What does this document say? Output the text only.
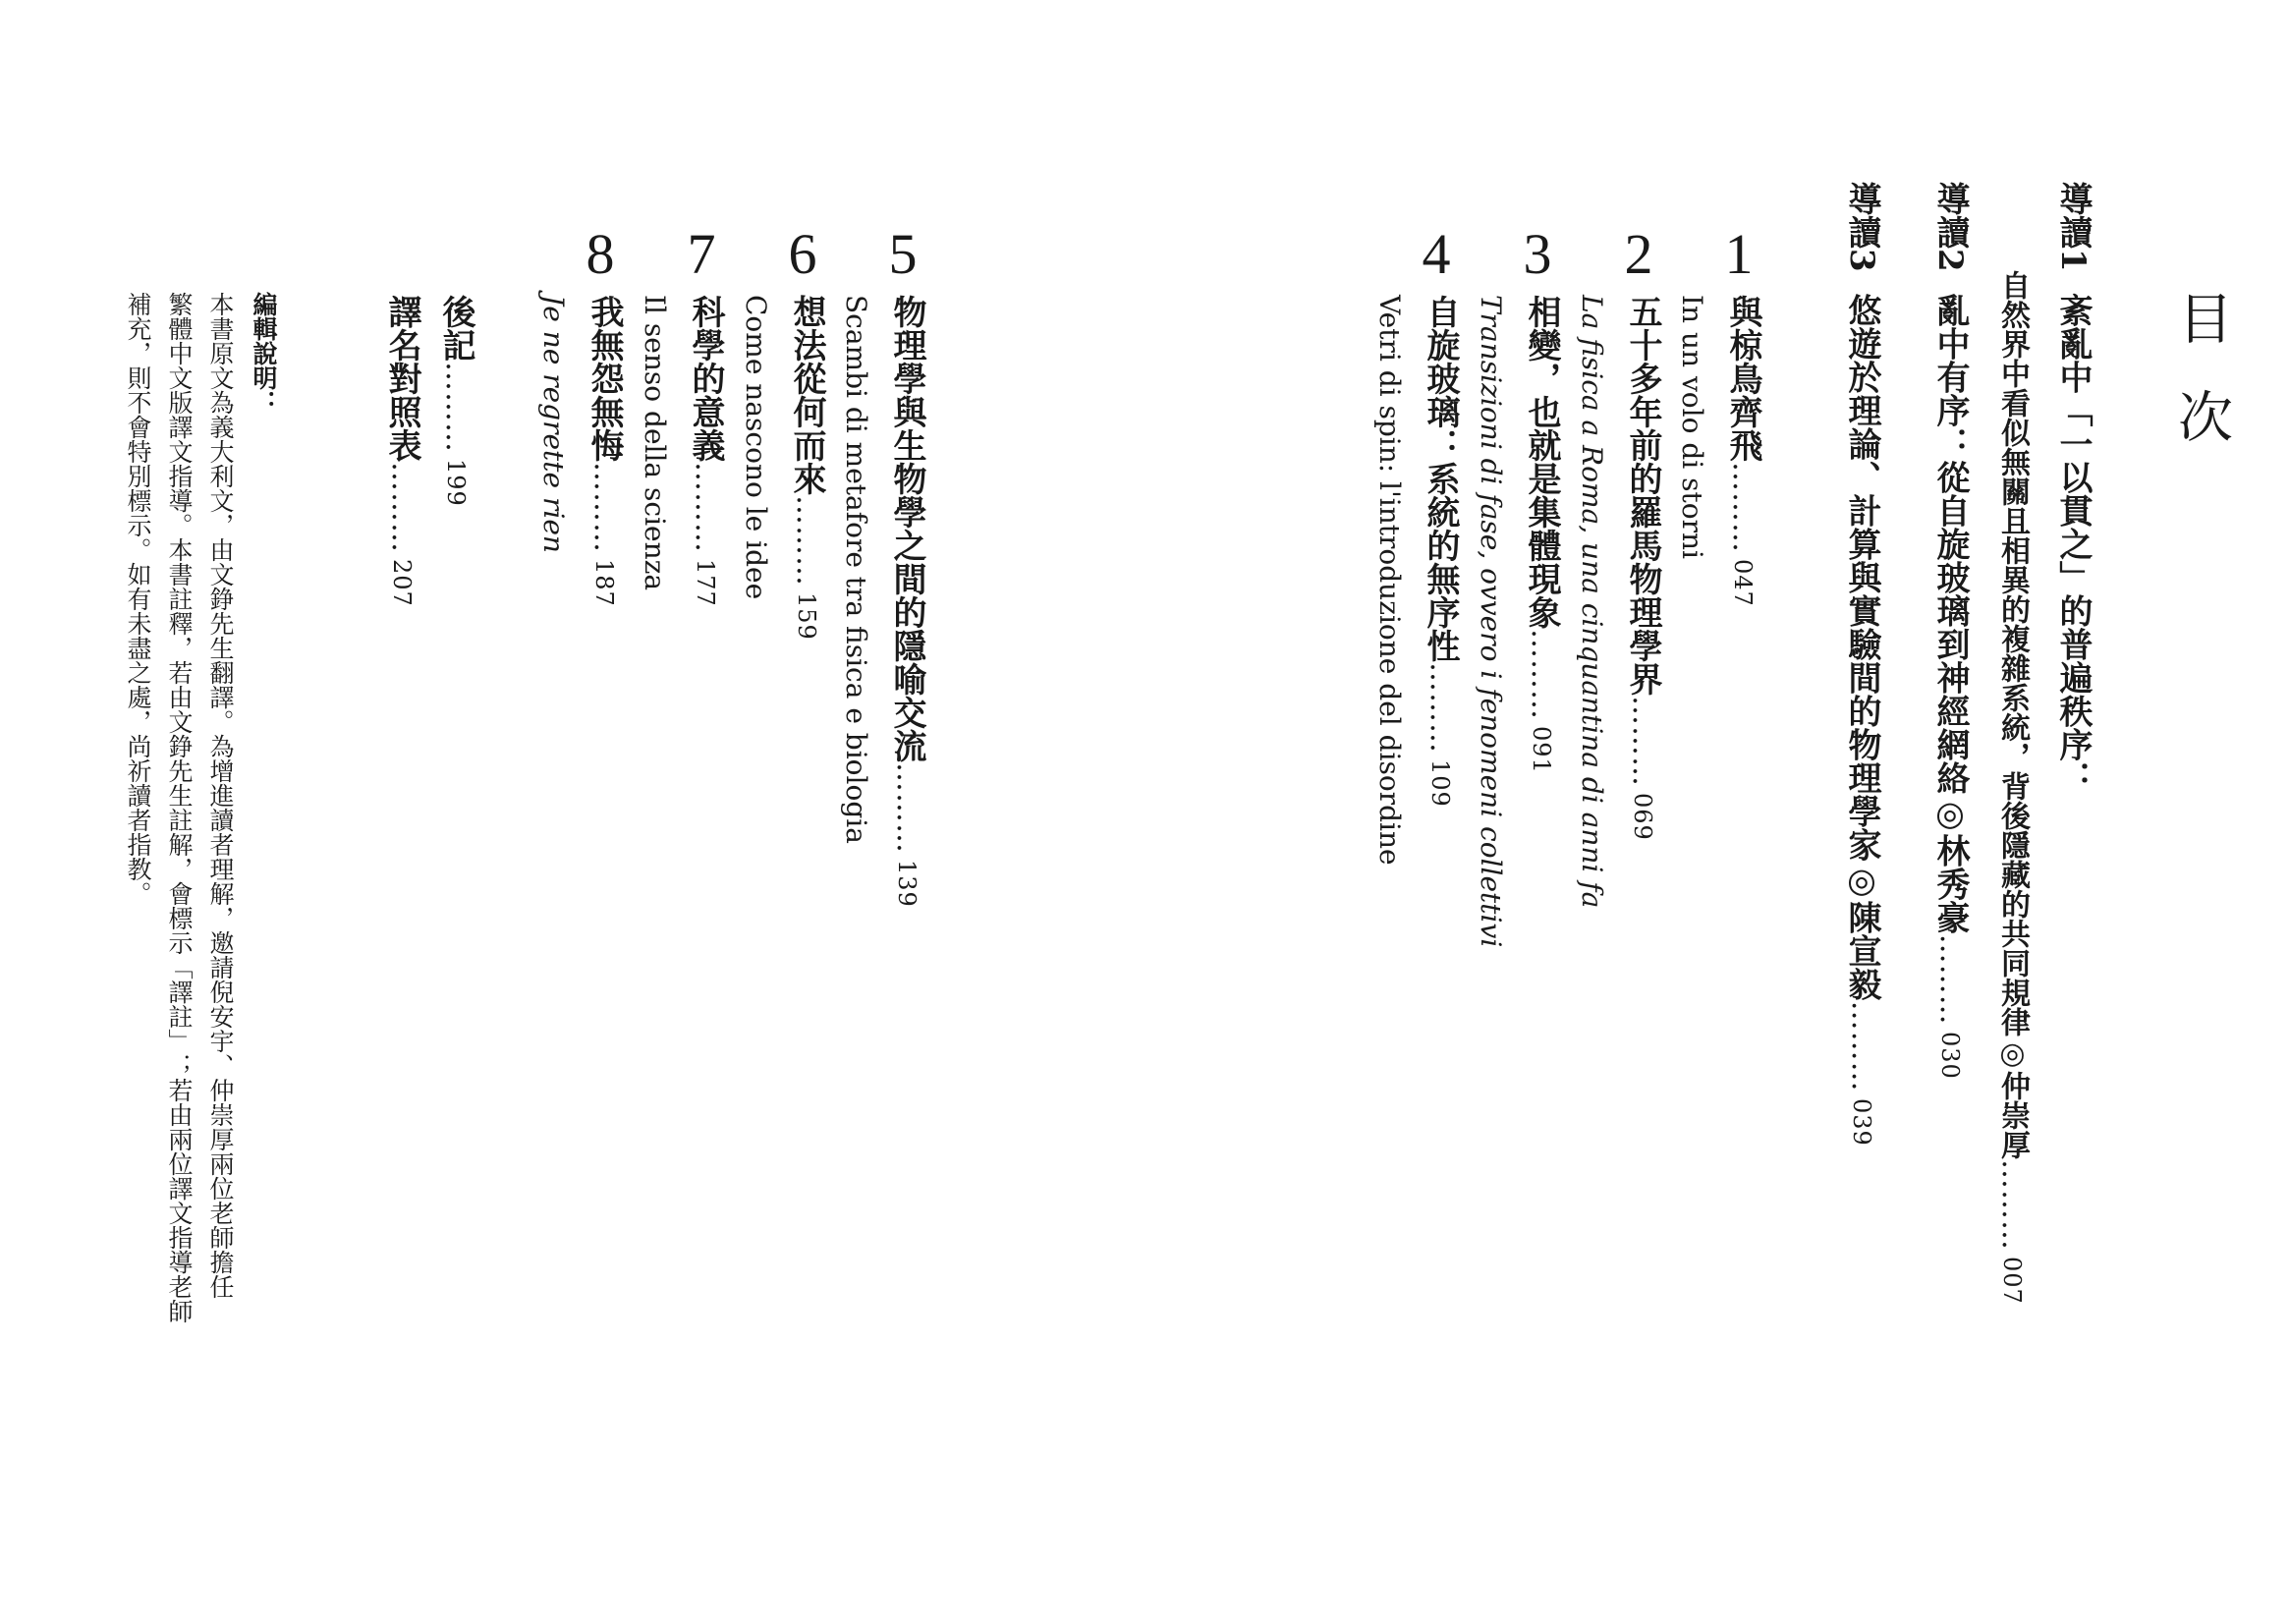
目次
導讀1紊亂中「一以貫之」的普遍秩序：
自然界中看似無關且相異的複雜系統，背後隱藏的共同規律◎仲崇厚………007
導讀2亂中有序：從自旋玻璃到神經網絡◎林秀豪………030
導讀3悠遊於理論、計算與實驗間的物理學家◎陳宣毅………039
1
2
3
4
5
6
7
8
與椋鳥齊飛………047
In un volo di storni
五十多年前的羅馬物理學界………069
La fisica a Roma, una cinquantina di anni fa
相變，也就是集體現象………091
Transizioni di fase, ovvero i fenomeni collettivi
自旋玻璃：系統的無序性………109
Vetri di spin: l'introduzione del disordine
物理學與生物學之間的隱喻交流………139
Scambi di metafore tra fisica e biologia
想法從何而來………159
Come nascono le idee
科學的意義………177
Il senso della scienza
我無怨無悔………187
Je ne regrette rien
後記………199
譯名對照表………207
編輯說明：
本書原文為義大利文，由文錚先生翻譯。為增進讀者理解，邀請倪安宇、仲崇厚兩位老師擔任
繁體中文版譯文指導。本書註釋，若由文錚先生註解，會標示「譯註」；若由兩位譯文指導老師
補充，則不會特別標示。如有未盡之處，尚祈讀者指教。
